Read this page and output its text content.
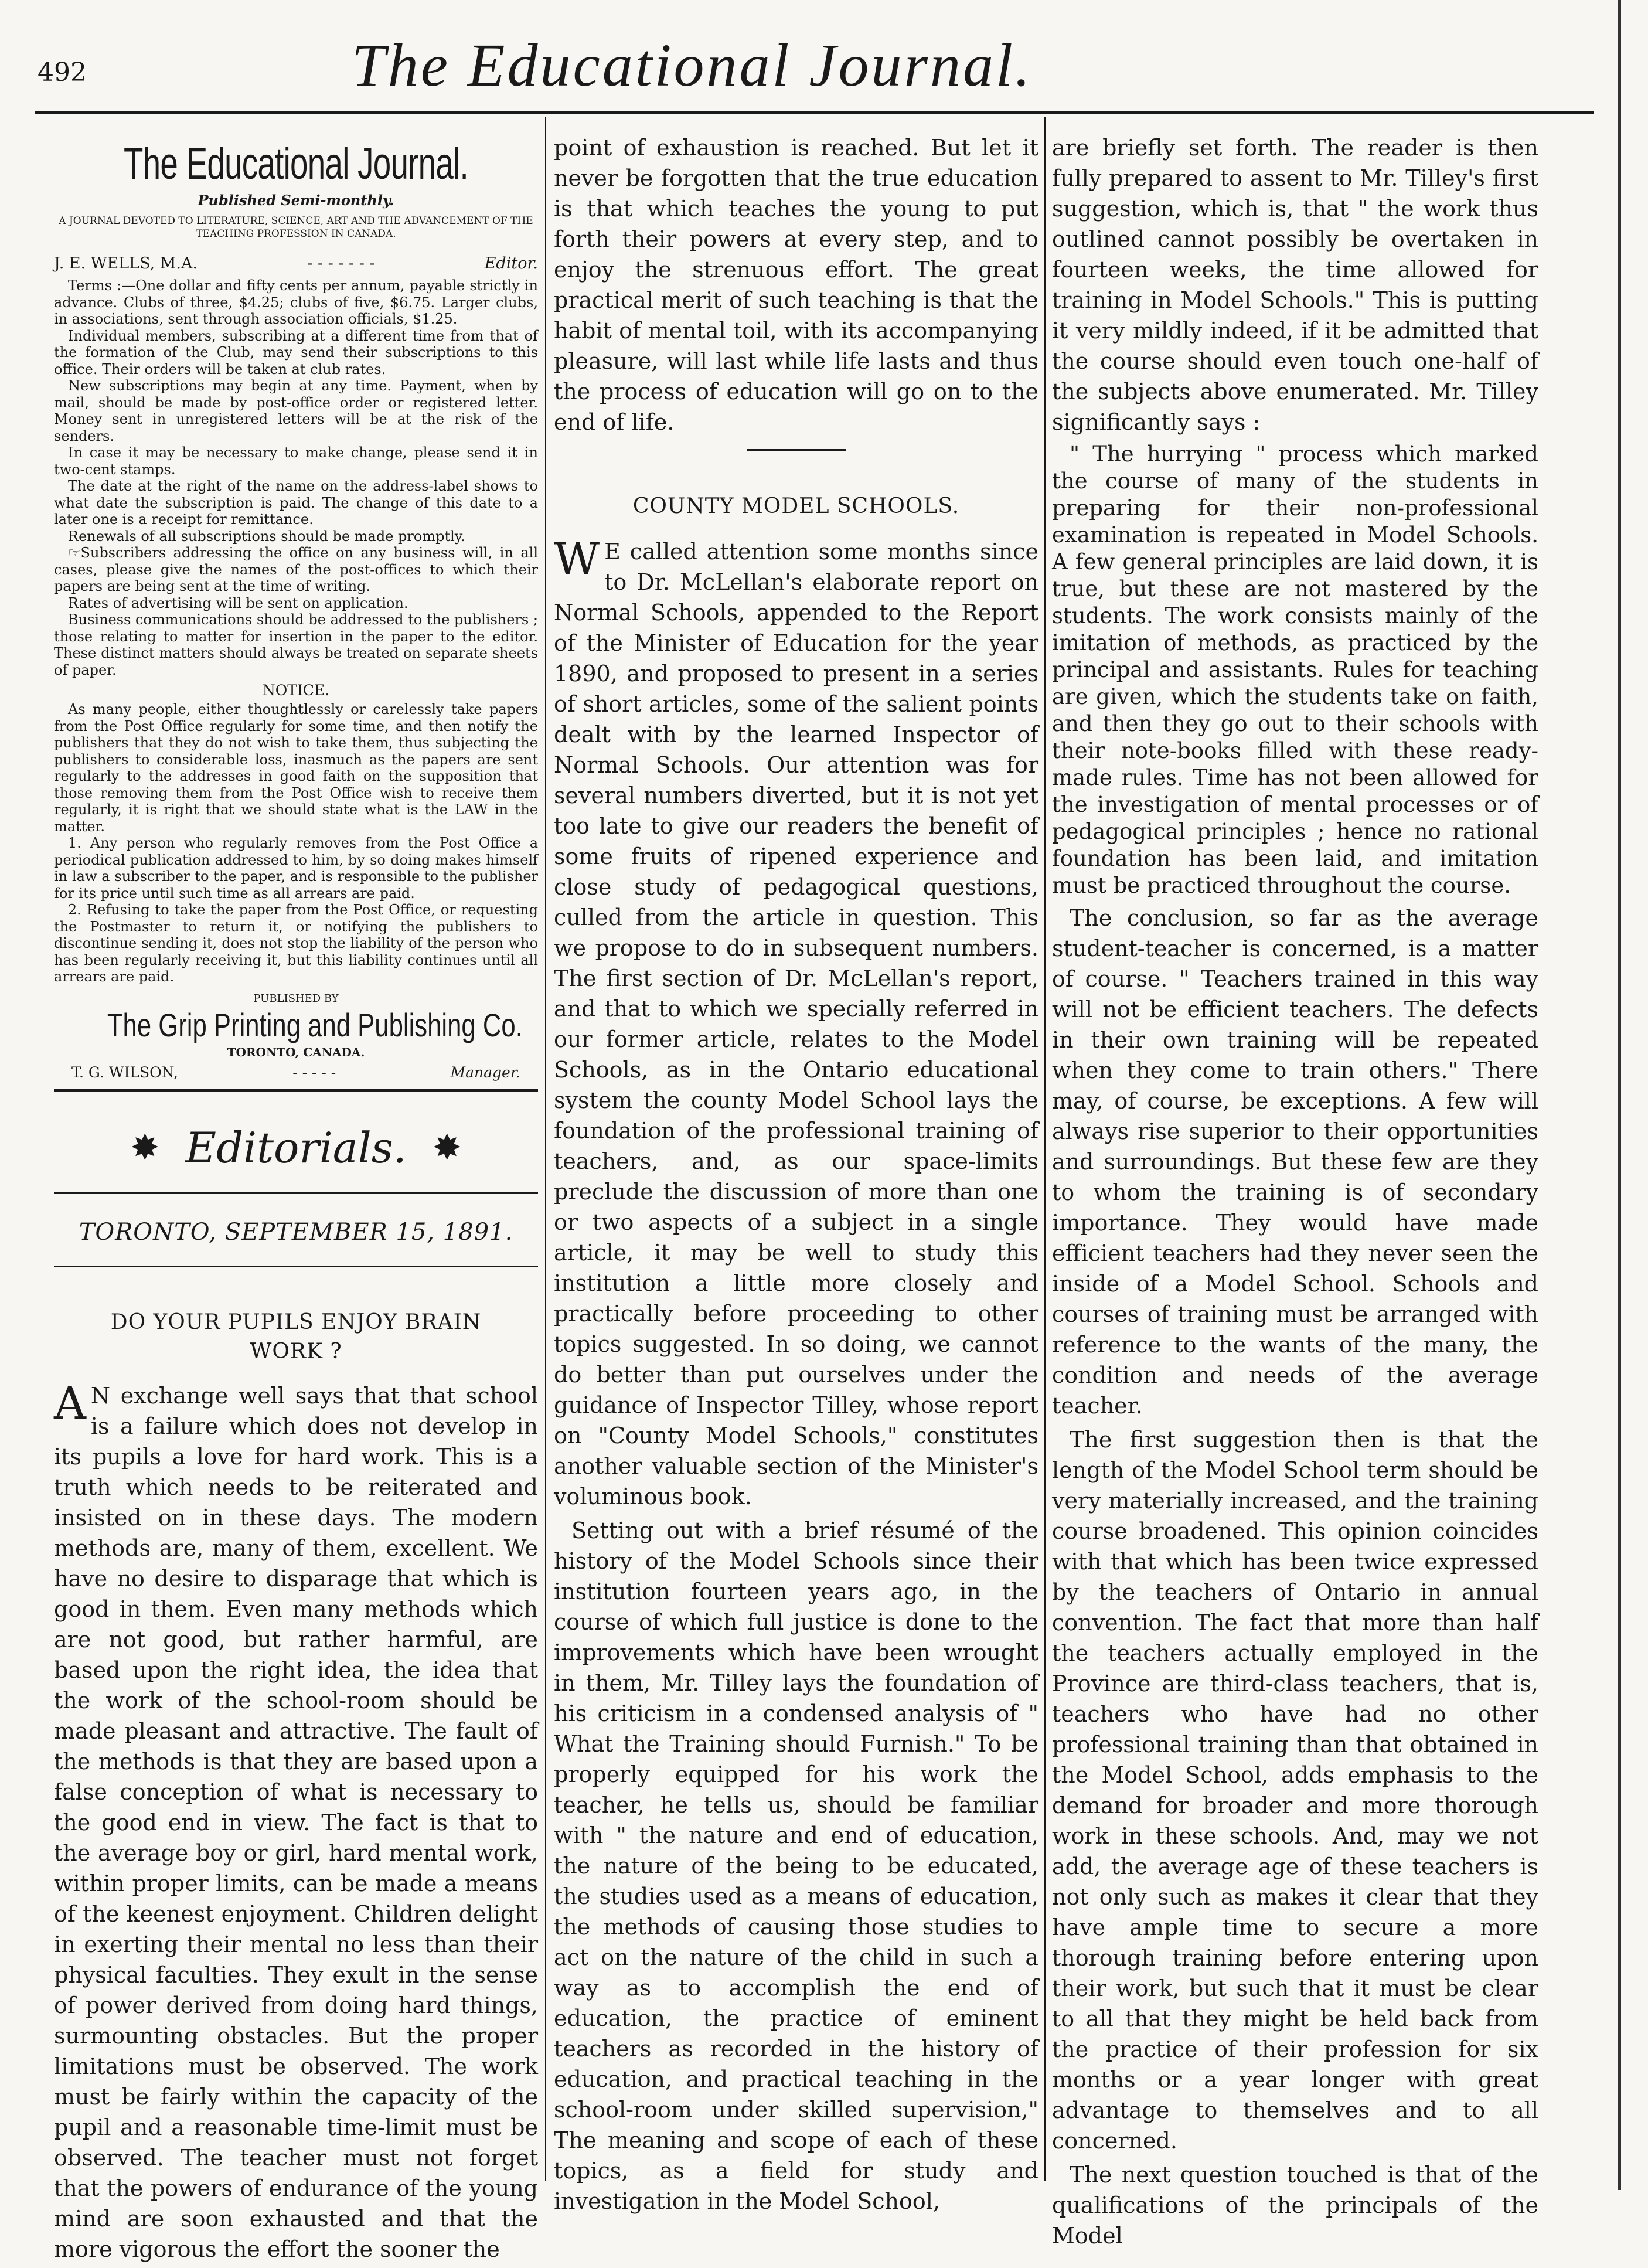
492	The Educational Journal.
The Educational Journal.
Published Semi-monthly.
A JOURNAL DEVOTED TO LITERATURE, SCIENCE, ART AND THE ADVANCEMENT OF THE TEACHING PROFESSION IN CANADA.
J. E. WELLS, M.A.	- - - - - - -	Editor.

Terms :—One dollar and fifty cents per annum, payable strictly in advance. Clubs of three, $4.25; clubs of five, $6.75. Larger clubs, in associations, sent through association officials, $1.25.

Individual members, subscribing at a different time from that of the formation of the Club, may send their subscriptions to this office. Their orders will be taken at club rates.

New subscriptions may begin at any time. Payment, when by mail, should be made by post-office order or registered letter. Money sent in unregistered letters will be at the risk of the senders.

In case it may be necessary to make change, please send it in two-cent stamps.

The date at the right of the name on the address-label shows to what date the subscription is paid. The change of this date to a later one is a receipt for remittance.

Renewals of all subscriptions should be made promptly.

☞Subscribers addressing the office on any business will, in all cases, please give the names of the post-offices to which their papers are being sent at the time of writing.

Rates of advertising will be sent on application.

Business communications should be addressed to the publishers ; those relating to matter for insertion in the paper to the editor. These distinct matters should always be treated on separate sheets of paper.

NOTICE.

As many people, either thoughtlessly or carelessly take papers from the Post Office regularly for some time, and then notify the publishers that they do not wish to take them, thus subjecting the publishers to considerable loss, inasmuch as the papers are sent regularly to the addresses in good faith on the supposition that those removing them from the Post Office wish to receive them regularly, it is right that we should state what is the LAW in the matter.

1. Any person who regularly removes from the Post Office a periodical publication addressed to him, by so doing makes himself in law a subscriber to the paper, and is responsible to the publisher for its price until such time as all arrears are paid.

2. Refusing to take the paper from the Post Office, or requesting the Postmaster to return it, or notifying the publishers to discontinue sending it, does not stop the liability of the person who has been regularly receiving it, but this liability continues until all arrears are paid.

PUBLISHED BY
The Grip Printing and Publishing Co.
TORONTO, CANADA.
T. G. WILSON,	- - - - -	Manager.
✸ Editorials. ✸
TORONTO, SEPTEMBER 15, 1891.
DO YOUR PUPILS ENJOY BRAIN WORK ?

A N exchange well says that that school is a failure which does not develop in its pupils a love for hard work. This is a truth which needs to be reiterated and insisted on in these days. The modern methods are, many of them, excellent. We have no desire to disparage that which is good in them. Even many methods which are not good, but rather harmful, are based upon the right idea, the idea that the work of the school-room should be made pleasant and attractive. The fault of the methods is that they are based upon a false conception of what is necessary to the good end in view. The fact is that to the average boy or girl, hard mental work, within proper limits, can be made a means of the keenest enjoyment. Children delight in exerting their mental no less than their physical faculties. They exult in the sense of power derived from doing hard things, surmounting obstacles. But the proper limitations must be observed. The work must be fairly within the capacity of the pupil and a reasonable time-limit must be observed. The teacher must not forget that the powers of endurance of the young mind are soon exhausted and that the more vigorous the effort the sooner the

point of exhaustion is reached. But let it never be forgotten that the true education is that which teaches the young to put forth their powers at every step, and to enjoy the strenuous effort. The great practical merit of such teaching is that the habit of mental toil, with its accompanying pleasure, will last while life lasts and thus the process of education will go on to the end of life.

COUNTY MODEL SCHOOLS.

W E called attention some months since to Dr. McLellan's elaborate report on Normal Schools, appended to the Report of the Minister of Education for the year 1890, and proposed to present in a series of short articles, some of the salient points dealt with by the learned Inspector of Normal Schools. Our attention was for several numbers diverted, but it is not yet too late to give our readers the benefit of some fruits of ripened experience and close study of pedagogical questions, culled from the article in question. This we propose to do in subsequent numbers. The first section of Dr. McLellan's report, and that to which we specially referred in our former article, relates to the Model Schools, as in the Ontario educational system the county Model School lays the foundation of the professional training of teachers, and, as our space-limits preclude the discussion of more than one or two aspects of a subject in a single article, it may be well to study this institution a little more closely and practically before proceeding to other topics suggested. In so doing, we cannot do better than put ourselves under the guidance of Inspector Tilley, whose report on "County Model Schools," constitutes another valuable section of the Minister's voluminous book.

Setting out with a brief résumé of the history of the Model Schools since their institution fourteen years ago, in the course of which full justice is done to the improvements which have been wrought in them, Mr. Tilley lays the foundation of his criticism in a condensed analysis of " What the Training should Furnish." To be properly equipped for his work the teacher, he tells us, should be familiar with " the nature and end of education, the nature of the being to be educated, the studies used as a means of education, the methods of causing those studies to act on the nature of the child in such a way as to accomplish the end of education, the practice of eminent teachers as recorded in the history of education, and practical teaching in the school-room under skilled supervision," The meaning and scope of each of these topics, as a field for study and investigation in the Model School,

are briefly set forth. The reader is then fully prepared to assent to Mr. Tilley's first suggestion, which is, that " the work thus outlined cannot possibly be overtaken in fourteen weeks, the time allowed for training in Model Schools." This is putting it very mildly indeed, if it be admitted that the course should even touch one-half of the subjects above enumerated. Mr. Tilley significantly says :

" The hurrying " process which marked the course of many of the students in preparing for their non-professional examination is repeated in Model Schools. A few general principles are laid down, it is true, but these are not mastered by the students. The work consists mainly of the imitation of methods, as practiced by the principal and assistants. Rules for teaching are given, which the students take on faith, and then they go out to their schools with their note-books filled with these ready-made rules. Time has not been allowed for the investigation of mental processes or of pedagogical principles ; hence no rational foundation has been laid, and imitation must be practiced throughout the course.

The conclusion, so far as the average student-teacher is concerned, is a matter of course. " Teachers trained in this way will not be efficient teachers. The defects in their own training will be repeated when they come to train others." There may, of course, be exceptions. A few will always rise superior to their opportunities and surroundings. But these few are they to whom the training is of secondary importance. They would have made efficient teachers had they never seen the inside of a Model School. Schools and courses of training must be arranged with reference to the wants of the many, the condition and needs of the average teacher.

The first suggestion then is that the length of the Model School term should be very materially increased, and the training course broadened. This opinion coincides with that which has been twice expressed by the teachers of Ontario in annual convention. The fact that more than half the teachers actually employed in the Province are third-class teachers, that is, teachers who have had no other professional training than that obtained in the Model School, adds emphasis to the demand for broader and more thorough work in these schools. And, may we not add, the average age of these teachers is not only such as makes it clear that they have ample time to secure a more thorough training before entering upon their work, but such that it must be clear to all that they might be held back from the practice of their profession for six months or a year longer with great advantage to themselves and to all concerned.

The next question touched is that of the qualifications of the principals of the Model
